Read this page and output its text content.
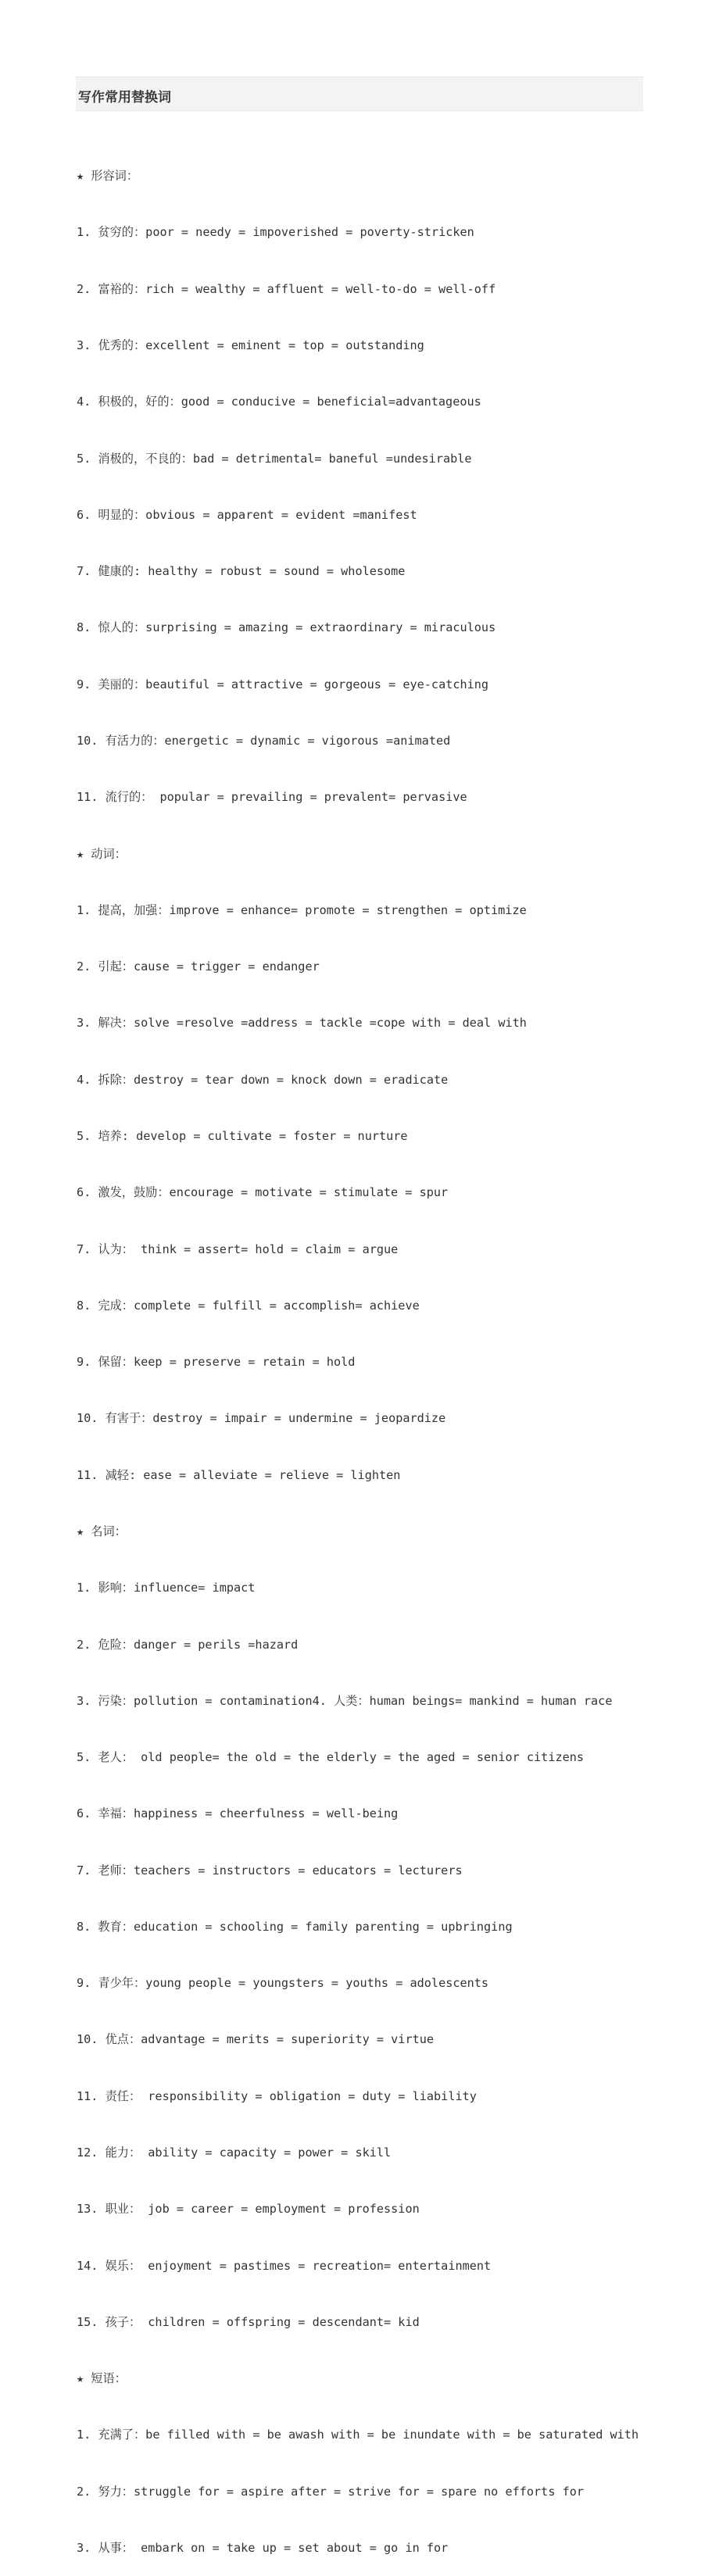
写作常用替换词

★ 形容词：

1. 贫穷的：poor = needy = impoverished = poverty-stricken

2. 富裕的：rich = wealthy = affluent = well-to-do = well-off

3. 优秀的：excellent = eminent = top = outstanding

4. 积极的，好的：good = conducive = beneficial=advantageous

5. 消极的，不良的：bad = detrimental= baneful =undesirable

6. 明显的：obvious = apparent = evident =manifest

7. 健康的: healthy = robust = sound = wholesome

8. 惊人的：surprising = amazing = extraordinary = miraculous

9. 美丽的：beautiful = attractive = gorgeous = eye-catching

10. 有活力的：energetic = dynamic = vigorous =animated

11. 流行的： popular = prevailing = prevalent= pervasive

★ 动词：

1. 提高，加强：improve = enhance= promote = strengthen = optimize

2. 引起：cause = trigger = endanger

3. 解决：solve =resolve =address = tackle =cope with = deal with

4. 拆除：destroy = tear down = knock down = eradicate

5. 培养: develop = cultivate = foster = nurture

6. 激发，鼓励：encourage = motivate = stimulate = spur

7. 认为： think = assert= hold = claim = argue

8. 完成：complete = fulfill = accomplish= achieve

9. 保留：keep = preserve = retain = hold

10. 有害于：destroy = impair = undermine = jeopardize

11. 减轻: ease = alleviate = relieve = lighten

★ 名词：

1. 影响：influence= impact

2. 危险：danger = perils =hazard

3. 污染：pollution = contamination4. 人类：human beings= mankind = human race

5. 老人： old people= the old = the elderly = the aged = senior citizens

6. 幸福：happiness = cheerfulness = well-being

7. 老师：teachers = instructors = educators = lecturers

8. 教育：education = schooling = family parenting = upbringing

9. 青少年：young people = youngsters = youths = adolescents

10. 优点：advantage = merits = superiority = virtue

11. 责任： responsibility = obligation = duty = liability

12. 能力： ability = capacity = power = skill

13. 职业： job = career = employment = profession

14. 娱乐： enjoyment = pastimes = recreation= entertainment

15. 孩子： children = offspring = descendant= kid

★ 短语：

1. 充满了：be filled with = be awash with = be inundate with = be saturated with

2. 努力：struggle for = aspire after = strive for = spare no efforts for

3. 从事： embark on = take up = set about = go in for
